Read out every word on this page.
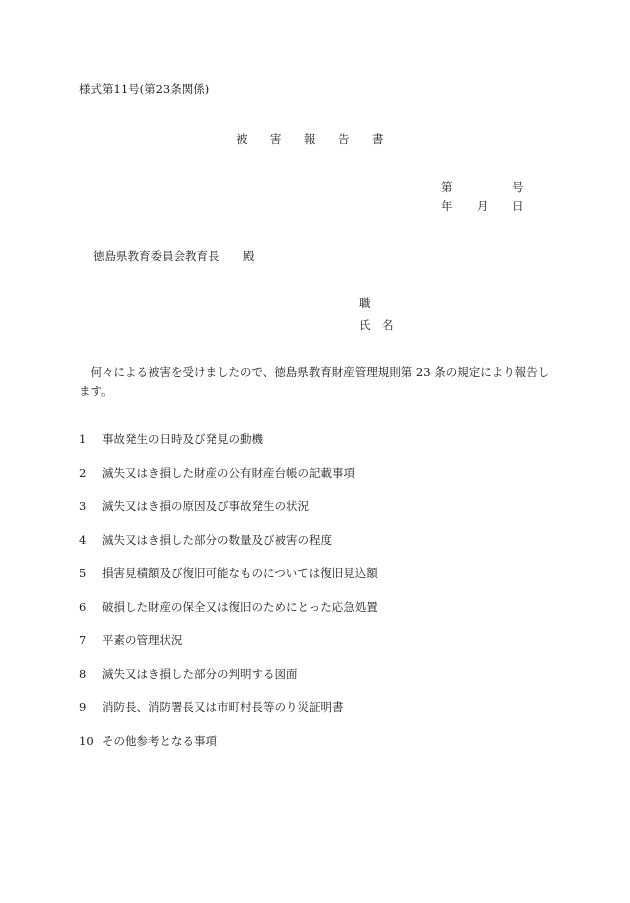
様式第11号(第23条関係)
被	害	報	告	書
第	号
年 月 日
徳島県教育委員会教育長 殿
職
氏　名
何々による被害を受けましたので、徳島県教育財産管理規則第 23 条の規定により報告します。
1 事故発生の日時及び発見の動機
2 滅失又はき損した財産の公有財産台帳の記載事項
3 滅失又はき損の原因及び事故発生の状況
4 滅失又はき損した部分の数量及び被害の程度
5 損害見積額及び復旧可能なものについては復旧見込額
6 破損した財産の保全又は復旧のためにとった応急処置
7 平素の管理状況
8 滅失又はき損した部分の判明する図面
9 消防長、消防署長又は市町村長等のり災証明書
10 その他参考となる事項
